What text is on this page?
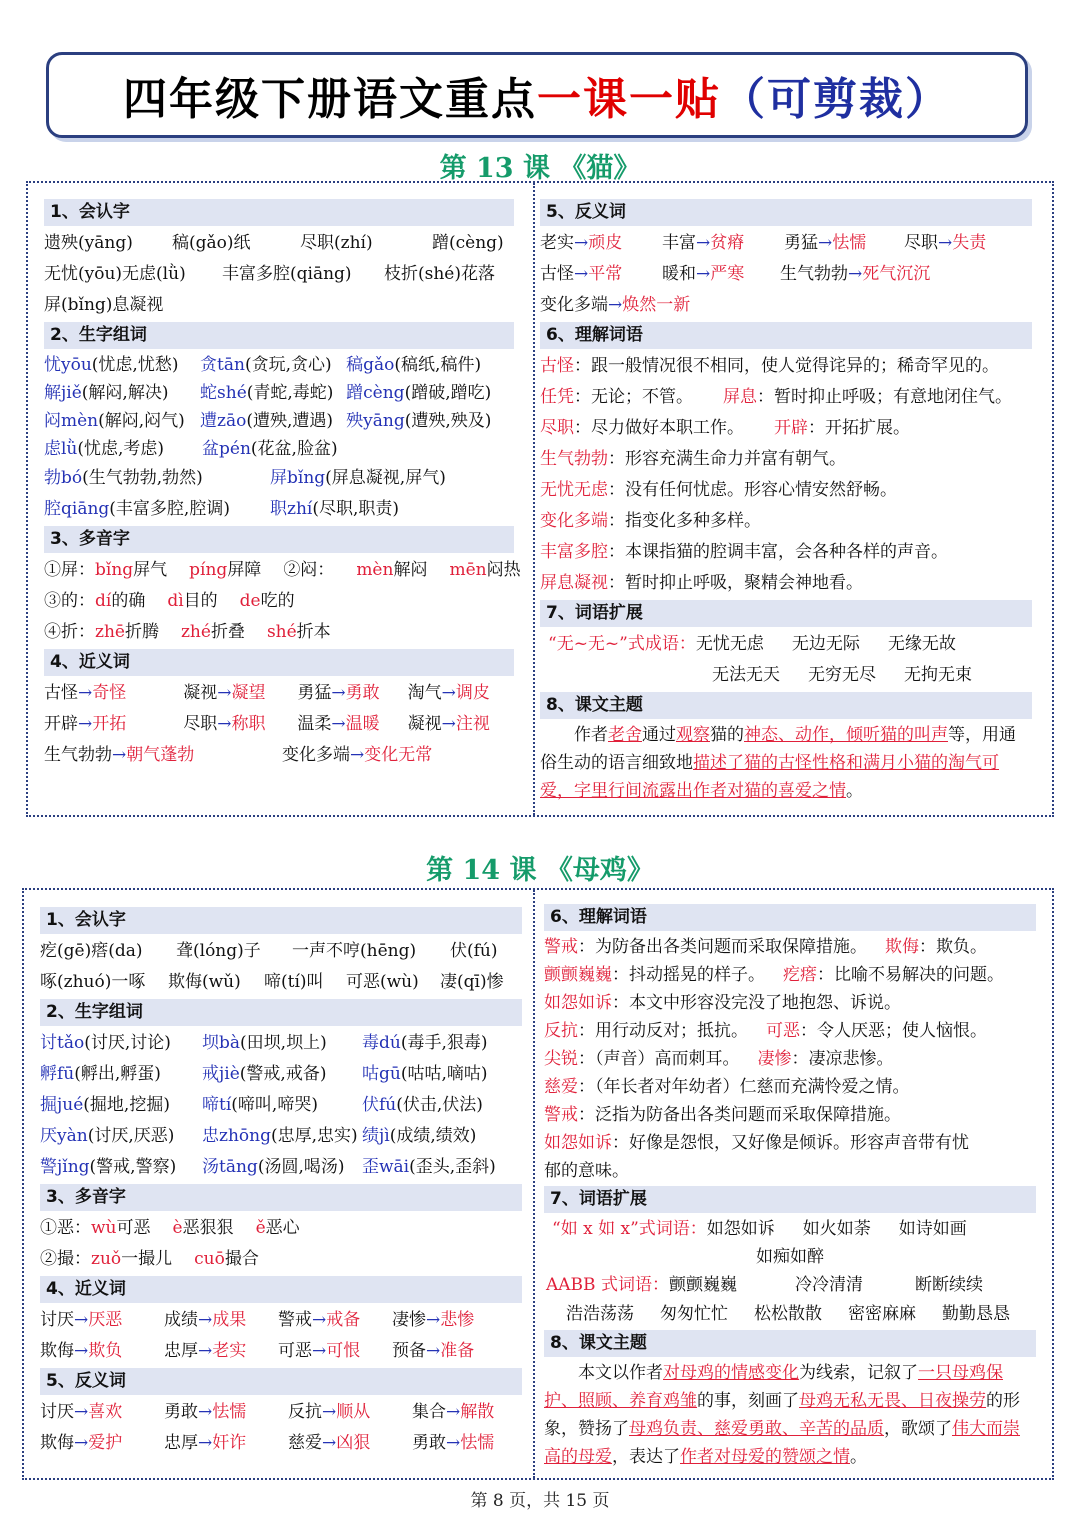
四年级下册语文重点 一课一贴 （可剪裁）
第 13 课 《猫》
1、会认字
遗殃(yāng)	稿(gǎo)纸	尽职(zhí)	蹭(cèng)
无忧(yōu)无虑(lǜ)	丰富多腔(qiāng)	枝折(shé)花落
屏(bǐng)息凝视
2、生字组词
忧yōu(忧虑,忧愁)	贪tān(贪玩,贪心) 稿gǎo(稿纸,稿件)
解jiě(解闷,解决)	蛇shé(青蛇,毒蛇) 蹭cèng(蹭破,蹭吃)
闷mèn(解闷,闷气) 遭zāo(遭殃,遭遇) 殃yāng(遭殃,殃及)
虑lǜ(忧虑,考虑)	盆pén(花盆,脸盆)
勃bó(生气勃勃,勃然)	屏bǐng(屏息凝视,屏气)
腔qiāng(丰富多腔,腔调)	职zhí(尽职,职责)
3、多音字
①屏： bǐng 屏气 píng 屏障 ②闷： mèn 解闷 mēn 闷热
③的： dí 的确 dì 目的 de 吃的
④折： zhē 折腾 zhé 折叠 shé 折本
4、近义词
古怪→奇怪	凝视→凝望	勇猛→勇敢	淘气→调皮
开辟→开拓	尽职→称职	温柔→温暖	凝视→注视
生气勃勃→朝气蓬勃	变化多端→变化无常
5、反义词
老实→顽皮	丰富→贫瘠	勇猛→怯懦	尽职→失责
古怪→平常	暖和→严寒	生气勃勃→死气沉沉
变化多端→焕然一新
6、理解词语
古怪：跟一般情况很不相同，使人觉得诧异的；稀奇罕见的。
任凭：无论；不管。 屏息：暂时抑止呼吸；有意地闭住气。
尽职：尽力做好本职工作。 开辟：开拓扩展。
生气勃勃：形容充满生命力并富有朝气。
无忧无虑：没有任何忧虑。形容心情安然舒畅。
变化多端：指变化多种多样。
丰富多腔：本课指猫的腔调丰富，会各种各样的声音。
屏息凝视：暂时抑止呼吸，聚精会神地看。
7、词语扩展
“无~无~”式成语： 无忧无虑	无边无际	无缘无故
无法无天	无穷无尽	无拘无束
8、课文主题
作者老舍通过观察猫的神态、动作，倾听猫的叫声等，用通俗生动的语言细致地描述了猫的古怪性格和满月小猫的淘气可爱，字里行间流露出作者对猫的喜爱之情。
第 14 课 《母鸡》
1、会认字
疙(gē)瘩(da)	聋(lóng)子	一声不哼(hēng)	伏(fú)
啄(zhuó)一啄	欺侮(wǔ)	啼(tí)叫	可恶(wù)	凄(qī)惨
2、生字组词
讨tǎo(讨厌,讨论)	坝bà(田坝,坝上)	毒dú(毒手,狠毒)
孵fū(孵出,孵蛋)	戒jiè(警戒,戒备)	咕gū(咕咕,嘀咕)
掘jué(掘地,挖掘)	啼tí(啼叫,啼哭)	伏fú(伏击,伏法)
厌yàn(讨厌,厌恶)	忠zhōng(忠厚,忠实) 绩jì(成绩,绩效)
警jǐng(警戒,警察)	汤tāng(汤圆,喝汤)	歪wāi(歪头,歪斜)
3、多音字
①恶： wù 可恶 è 恶狠狠 ě 恶心
②撮： zuǒ 一撮儿 cuō 撮合
4、近义词
讨厌→厌恶	成绩→成果	警戒→戒备	凄惨→悲惨
欺侮→欺负	忠厚→老实	可恶→可恨	预备→准备
5、反义词
讨厌→喜欢	勇敢→怯懦	反抗→顺从	集合→解散
欺侮→爱护	忠厚→奸诈	慈爱→凶狠	勇敢→怯懦
6、理解词语
警戒：为防备出各类问题而采取保障措施。 欺侮：欺负。
颤颤巍巍：抖动摇晃的样子。 疙瘩：比喻不易解决的问题。
如怨如诉：本文中形容没完没了地抱怨、诉说。
反抗：用行动反对；抵抗。 可恶：令人厌恶；使人恼恨。
尖锐：（声音）高而刺耳。 凄惨：凄凉悲惨。
慈爱：（年长者对年幼者）仁慈而充满怜爱之情。
警戒：泛指为防备出各类问题而采取保障措施。
如怨如诉：好像是怨恨，又好像是倾诉。形容声音带有忧
郁的意味。
7、词语扩展
“如 x 如 x”式词语： 如怨如诉	如火如荼	如诗如画
如痴如醉
AABB 式词语： 颤颤巍巍	冷冷清清	断断续续
浩浩荡荡	匆匆忙忙	松松散散	密密麻麻	勤勤恳恳
8、课文主题
本文以作者对母鸡的情感变化为线索，记叙了一只母鸡保护、照顾、养育鸡雏的事，刻画了母鸡无私无畏、日夜操劳的形象，赞扬了母鸡负责、慈爱勇敢、辛苦的品质，歌颂了伟大而崇高的母爱，表达了作者对母爱的赞颂之情。
第 8 页，共 15 页
